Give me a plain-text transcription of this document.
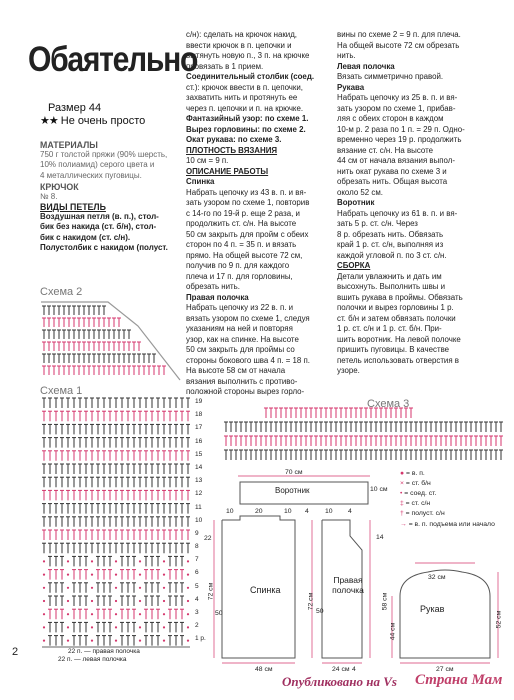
Обаятельно
Размер 44
★★ Не очень просто
МАТЕРИАЛЫ
750 г толстой пряжи (90% шерсть,
10% полиамид) серого цвета и
4 металлических пуговицы.
КРЮЧОК
№ 8.
ВИДЫ ПЕТЕЛЬ
Воздушная петля (в. п.), стол-
бик без накида (ст. б/н), стол-
бик с накидом (ст. с/н).
Полустолбик с накидом (полуст.
с/н): сделать на крючок накид,
ввести крючок в п. цепочки и
вытянуть новую п., 3 п. на крючке
провязать в 1 прием.
Соединительный столбик (соед.
ст.): крючок ввести в п. цепочки,
захватить нить и протянуть ее
через п. цепочки и п. на крючке.
Фантазийный узор: по схеме 1.
Вырез горловины: по схеме 2.
Окат рукава: по схеме 3.
ПЛОТНОСТЬ ВЯЗАНИЯ
10 см = 9 п.
ОПИСАНИЕ РАБОТЫ
Спинка
Набрать цепочку из 43 в. п. и вя-
зать узором по схеме 1, повторив
с 14-го по 19-й р. еще 2 раза, и
продолжить ст. с/н. На высоте
50 см закрыть для пройм с обеих
сторон по 4 п. = 35 п. и вязать
прямо. На общей высоте 72 см,
получив по 9 п. для каждого
плеча и 17 п. для горловины,
обрезать нить.
Правая полочка
Набрать цепочку из 22 в. п. и
вязать узором по схеме 1, следуя
указаниям на ней и повторяя
узор, как на спинке. На высоте
50 см закрыть для проймы со
стороны бокового шва 4 п. = 18 п.
На высоте 58 см от начала
вязания выполнить с противо-
положной стороны вырез горло-
вины по схеме 2 = 9 п. для плеча.
На общей высоте 72 см обрезать
нить.
Левая полочка
Вязать симметрично правой.
Рукава
Набрать цепочку из 25 в. п. и вя-
зать узором по схеме 1, прибав-
ляя с обеих сторон в каждом
10-м р. 2 раза по 1 п. = 29 п. Одно-
временно через 19 р. продолжить
вязание ст. с/н. На высоте
44 см от начала вязания выпол-
нить окат рукава по схеме 3 и
обрезать нить. Общая высота
около 52 см.
Воротник
Набрать цепочку из 61 в. п. и вя-
зать 5 р. ст. с/н. Через
8 р. обрезать нить. Обвязать
край 1 р. ст. с/н, выполняя из
каждой угловой п. по 3 ст. с/н.
СБОРКА
Детали увлажнить и дать им
высохнуть. Выполнить швы и
вшить рукава в проймы. Обвязать
полочки и вырез горловины 1 р.
ст. б/н и затем обвязать полочки
1 р. ст. с/н и 1 р. ст. б/н. При-
шить воротник. На левой полочке
пришить пуговицы. В качестве
петель использовать отверстия в
узоре.
Схема 2
Схема 1
19
18
17
16
15
14
13
12
11
10
9
8
7
6
5
4
3
2
1 р.
22 п. — правая полочка
22 п. — левая полочка
Схема 3
Воротник
70 см
10 см
10	20	10 4
Спинка
22
72 см
50
48 см
10 4
Правая полочка
14
58 см
72 см
50
24 см 4
Рукав
32 см
44 см
52 см
27 см
● = в. п.
× = ст. б/н
• = соед. ст.
‡ = ст. с/н
† = полуст. с/н
→ = в. п. подъема или начало
2
Опубликовано на Vs Страна Мам
